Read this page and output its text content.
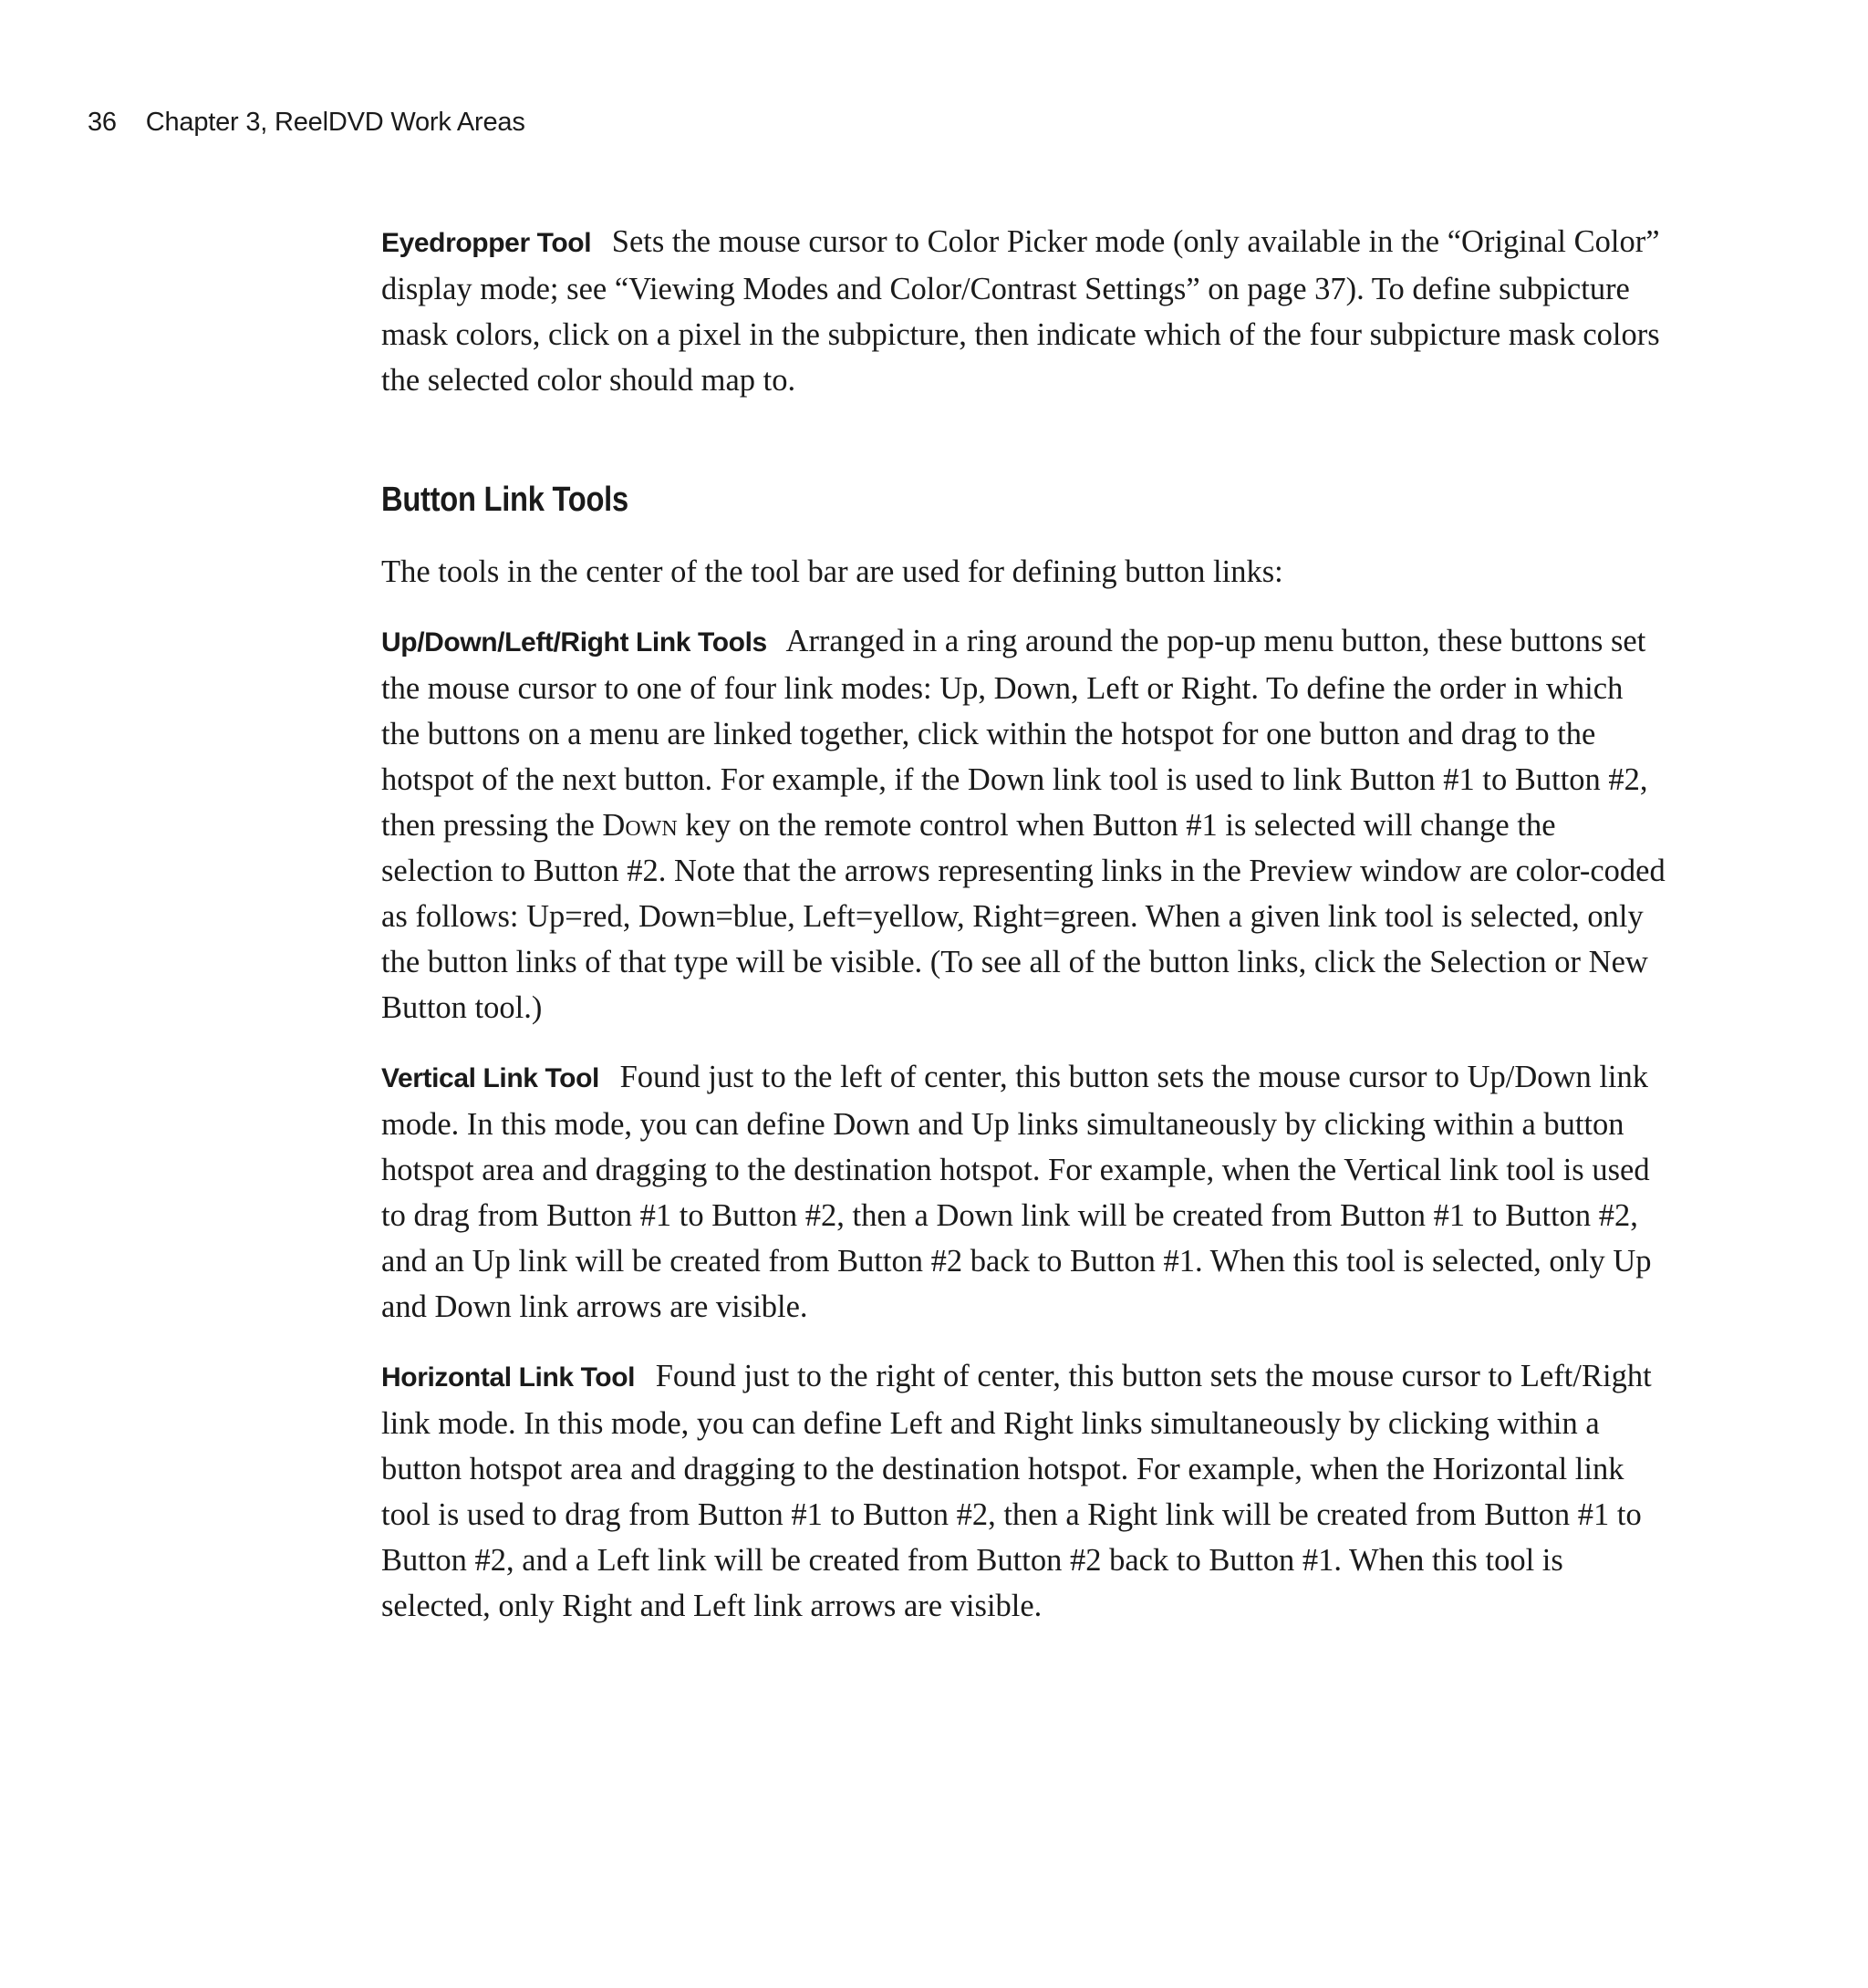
36 Chapter 3, ReelDVD Work Areas

Eyedropper Tool Sets the mouse cursor to Color Picker mode (only available in the “Original Color” display mode; see “Viewing Modes and Color/Contrast Settings” on page 37). To define subpicture mask colors, click on a pixel in the subpicture, then indicate which of the four subpicture mask colors the selected color should map to.

Button Link Tools

The tools in the center of the tool bar are used for defining button links:

Up/Down/Left/Right Link Tools Arranged in a ring around the pop-up menu button, these buttons set the mouse cursor to one of four link modes: Up, Down, Left or Right. To define the order in which the buttons on a menu are linked together, click within the hotspot for one button and drag to the hotspot of the next button. For example, if the Down link tool is used to link Button #1 to Button #2, then pressing the Down key on the remote control when Button #1 is selected will change the selection to Button #2. Note that the arrows representing links in the Preview window are color-coded as follows: Up=red, Down=blue, Left=yellow, Right=green. When a given link tool is selected, only the button links of that type will be visible. (To see all of the button links, click the Selection or New Button tool.)

Vertical Link Tool Found just to the left of center, this button sets the mouse cursor to Up/Down link mode. In this mode, you can define Down and Up links simultaneously by clicking within a button hotspot area and dragging to the destination hotspot. For example, when the Vertical link tool is used to drag from Button #1 to Button #2, then a Down link will be created from Button #1 to Button #2, and an Up link will be created from Button #2 back to Button #1. When this tool is selected, only Up and Down link arrows are visible.

Horizontal Link Tool Found just to the right of center, this button sets the mouse cursor to Left/Right link mode. In this mode, you can define Left and Right links simultaneously by clicking within a button hotspot area and dragging to the destination hotspot. For example, when the Horizontal link tool is used to drag from Button #1 to Button #2, then a Right link will be created from Button #1 to Button #2, and a Left link will be created from Button #2 back to Button #1. When this tool is selected, only Right and Left link arrows are visible.
